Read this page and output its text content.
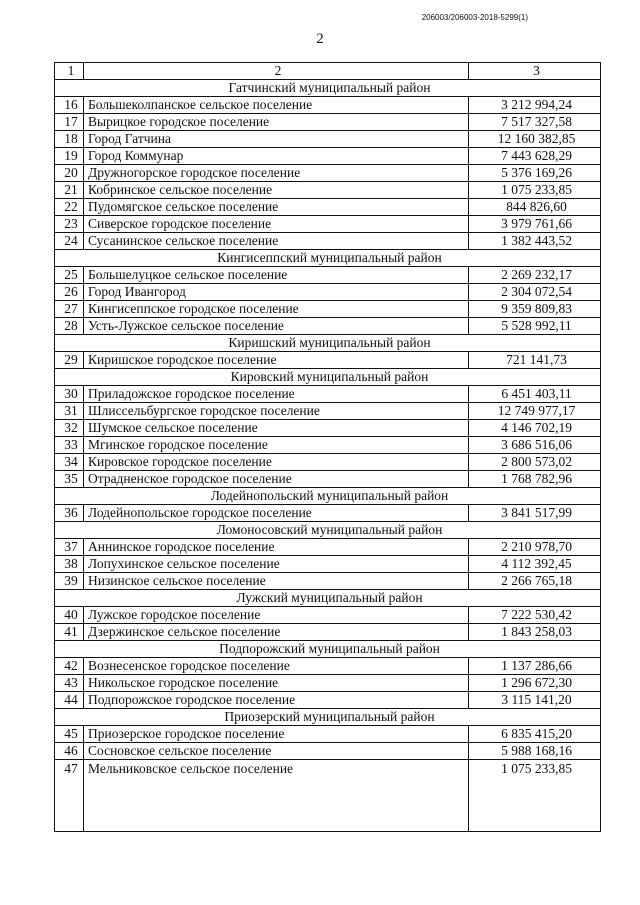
206003/206003-2018-5299(1)
2
1	2	3
Гатчинский муниципальный район		
16	Большеколпанское сельское поселение	3 212 994,24
17	Вырицкое городское поселение	7 517 327,58
18	Город Гатчина	12 160 382,85
19	Город Коммунар	7 443 628,29
20	Дружногорское городское поселение	5 376 169,26
21	Кобринское сельское поселение	1 075 233,85
22	Пудомягское сельское поселение	844 826,60
23	Сиверское городское поселение	3 979 761,66
24	Сусанинское сельское поселение	1 382 443,52
Кингисеппский муниципальный район		
25	Большелуцкое сельское поселение	2 269 232,17
26	Город Ивангород	2 304 072,54
27	Кингисеппское городское поселение	9 359 809,83
28	Усть-Лужское сельское поселение	5 528 992,11
Киришский муниципальный район		
29	Киришское городское поселение	721 141,73
Кировский муниципальный район		
30	Приладожское городское поселение	6 451 403,11
31	Шлиссельбургское городское поселение	12 749 977,17
32	Шумское сельское поселение	4 146 702,19
33	Мгинское городское поселение	3 686 516,06
34	Кировское городское поселение	2 800 573,02
35	Отрадненское городское поселение	1 768 782,96
Лодейнопольский муниципальный район		
36	Лодейнопольское городское поселение	3 841 517,99
Ломоносовский муниципальный район		
37	Аннинское городское поселение	2 210 978,70
38	Лопухинское сельское поселение	4 112 392,45
39	Низинское сельское поселение	2 266 765,18
Лужский муниципальный район		
40	Лужское городское поселение	7 222 530,42
41	Дзержинское сельское поселение	1 843 258,03
Подпорожский муниципальный район		
42	Вознесенское городское поселение	1 137 286,66
43	Никольское городское поселение	1 296 672,30
44	Подпорожское городское поселение	3 115 141,20
Приозерский муниципальный район		
45	Приозерское городское поселение	6 835 415,20
46	Сосновское сельское поселение	5 988 168,16
47	Мельниковское сельское поселение	1 075 233,85
